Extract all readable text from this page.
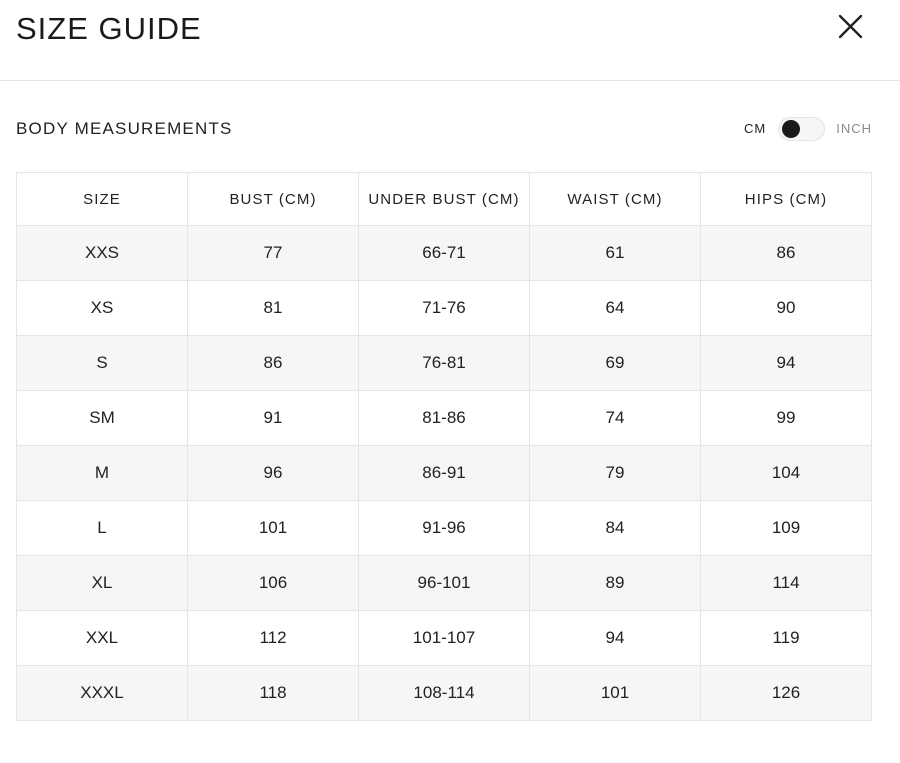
SIZE GUIDE
BODY MEASUREMENTS	CM	INCH
SIZE	BUST (CM)	UNDER BUST (CM)	WAIST (CM)	HIPS (CM)
XXS	77	66-71	61	86
XS	81	71-76	64	90
S	86	76-81	69	94
SM	91	81-86	74	99
M	96	86-91	79	104
L	101	91-96	84	109
XL	106	96-101	89	114
XXL	112	101-107	94	119
XXXL	118	108-114	101	126
